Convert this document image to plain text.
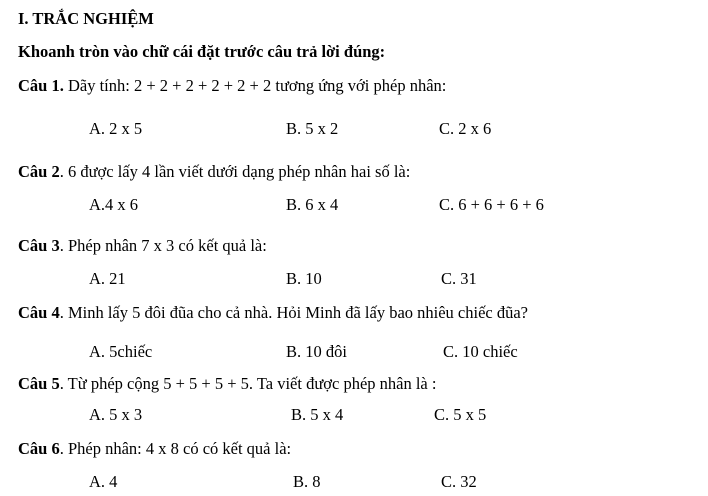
I. TRẮC NGHIỆM
Khoanh tròn vào chữ cái đặt trước câu trả lời đúng:
Câu 1. Dãy tính: 2 + 2 + 2 + 2 + 2 + 2 tương ứng với phép nhân:
A. 2 x 5	B. 5 x 2	C. 2 x 6
Câu 2. 6 được lấy 4 lần viết dưới dạng phép nhân hai số là:
A.4 x 6	B. 6 x 4	C. 6 + 6 + 6 + 6
Câu 3. Phép nhân 7 x 3 có kết quả là:
A. 21	B. 10	C. 31
Câu 4. Minh lấy 5 đôi đũa cho cả nhà. Hỏi Minh đã lấy bao nhiêu chiếc đũa?
A. 5chiếc	B. 10 đôi	C. 10 chiếc
Câu 5. Từ phép cộng 5 + 5 + 5 + 5. Ta viết được phép nhân là :
A. 5 x 3	B. 5 x 4	C. 5 x 5
Câu 6. Phép nhân: 4 x 8 có có kết quả là:
A. 4	B. 8	C. 32
